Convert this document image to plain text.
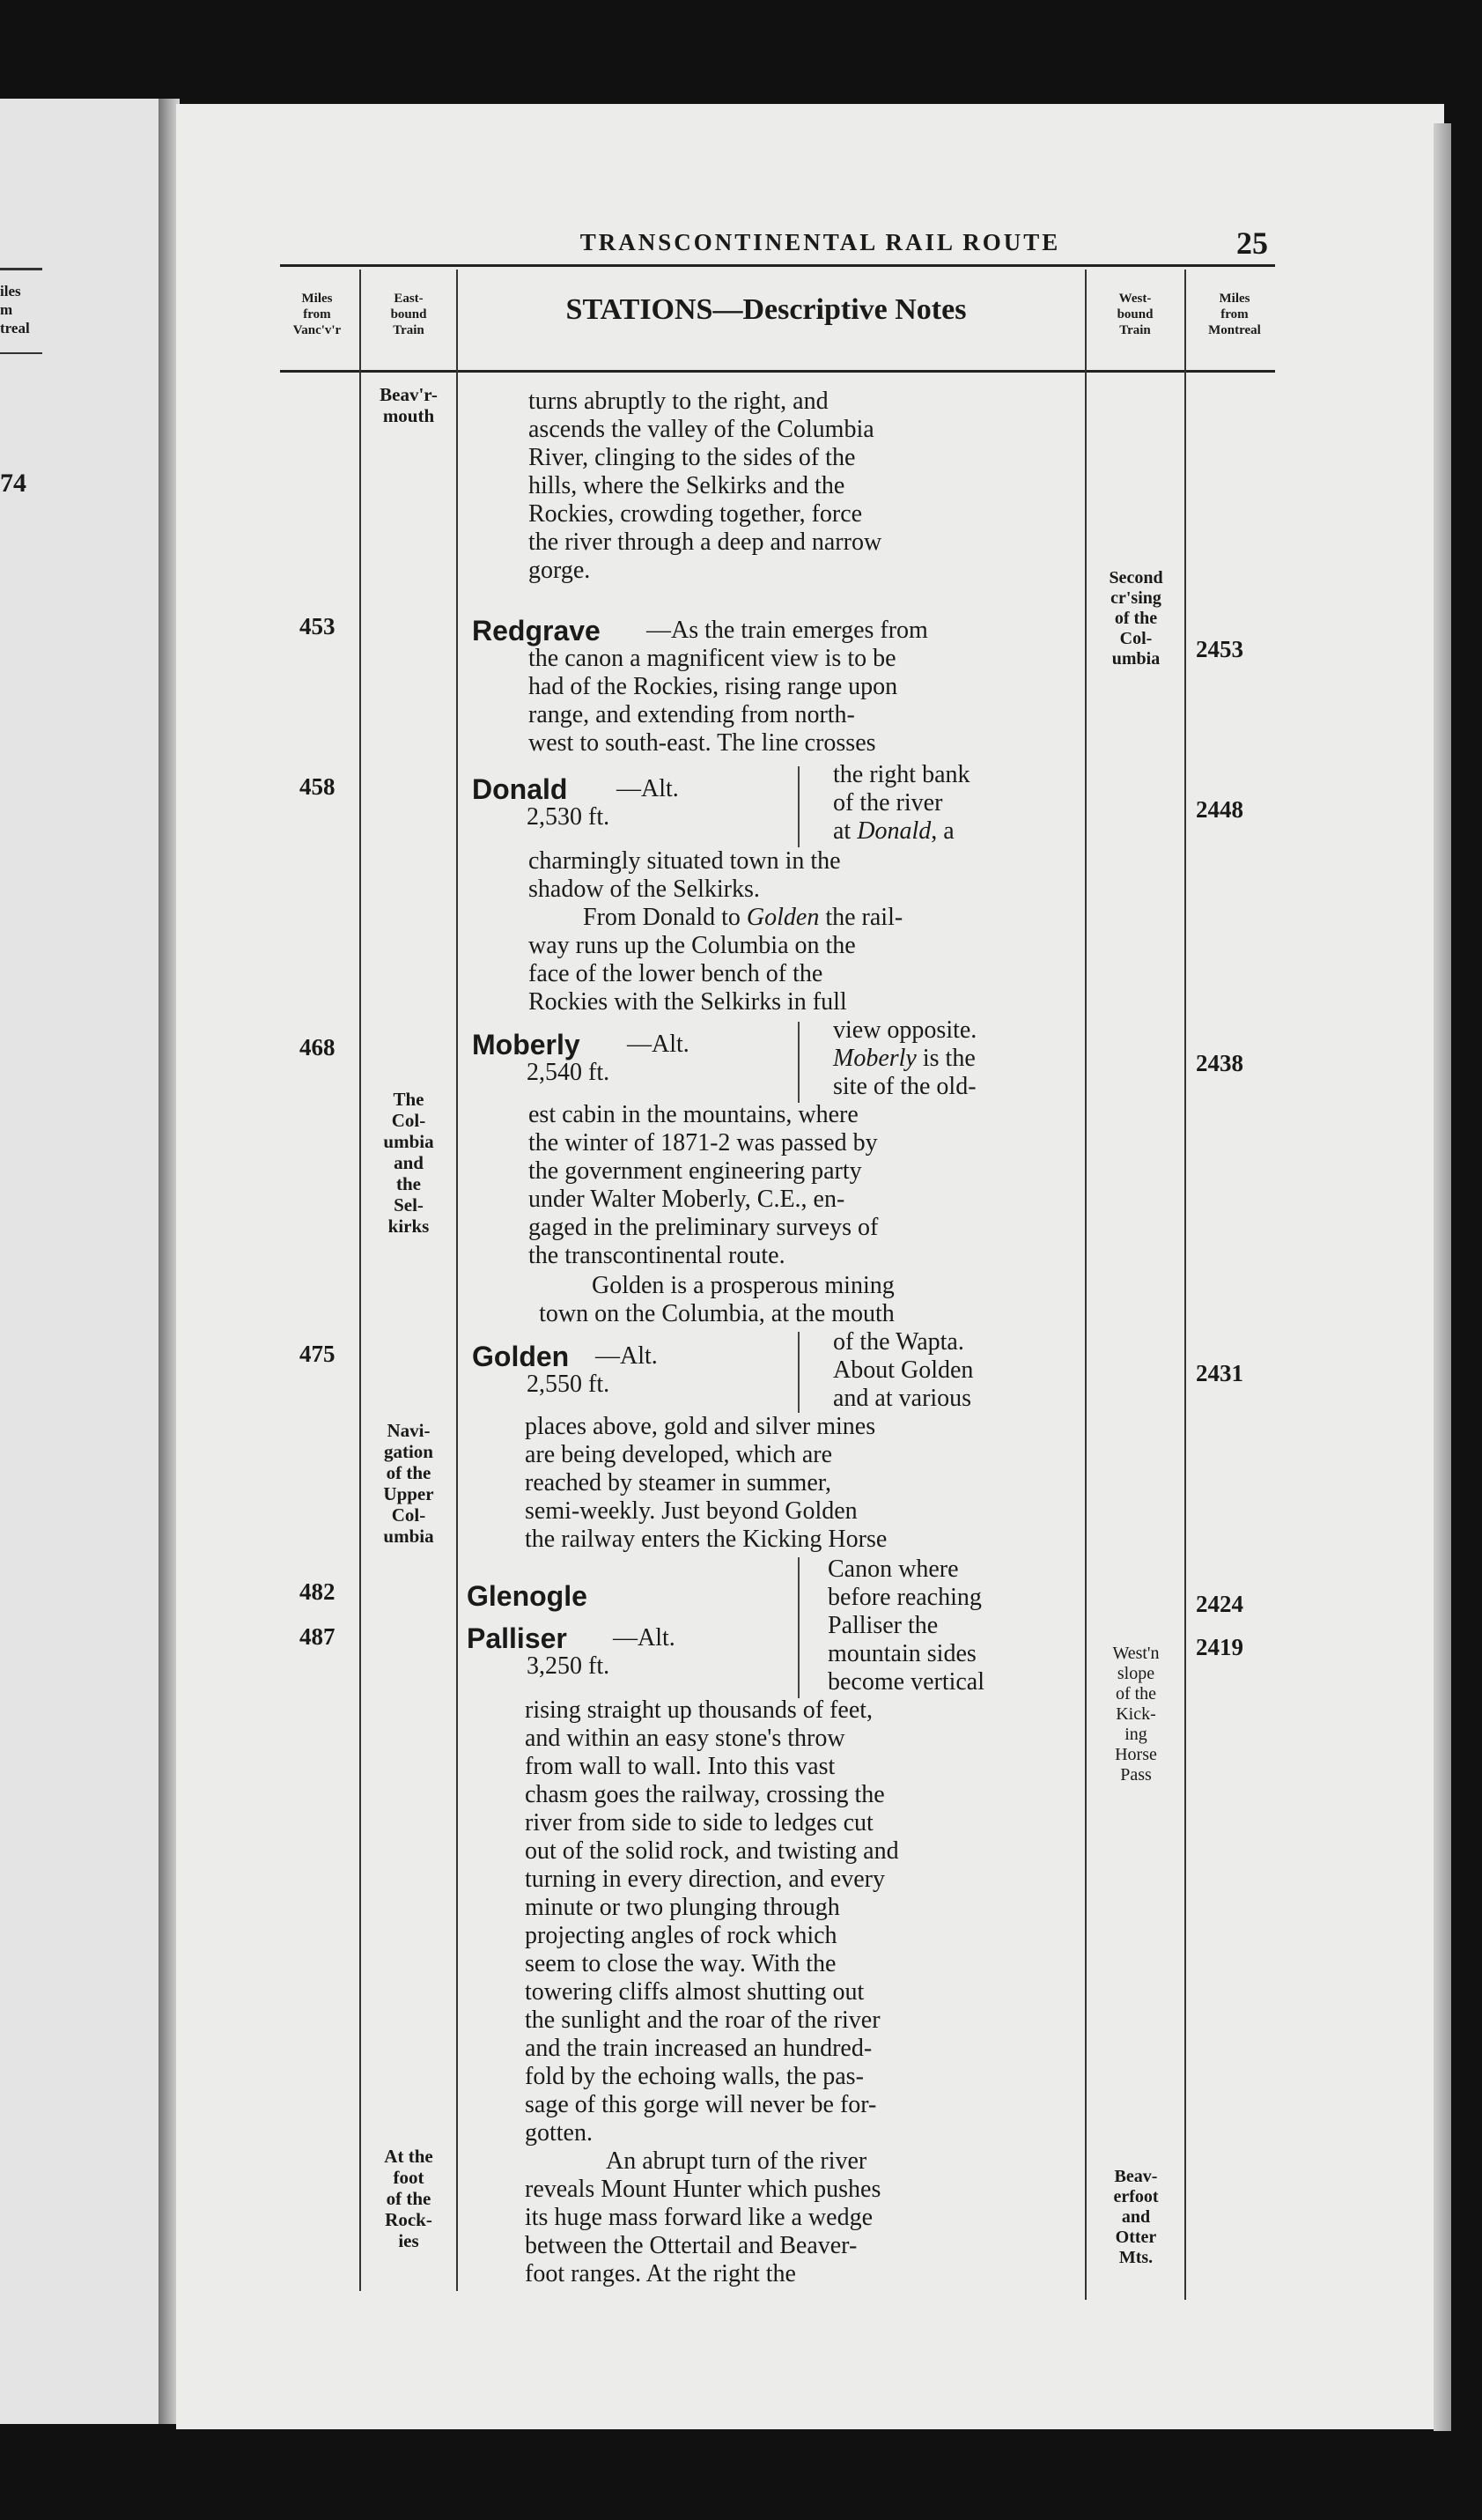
iles
m
treal
74
TRANSCONTINENTAL RAIL ROUTE	25
Miles
from
Vanc'v'r
East-
bound
Train
STATIONS—Descriptive Notes	West-
bound
Train
Miles
from
Montreal
453
458
468
475
482
487
2453
2448
2438
2431
2424
2419
Beav'r-
mouth
The
Col-
umbia
and
the
Sel-
kirks
Navi-
gation
of the
Upper
Col-
umbia
At the
foot
of the
Rock-
ies
Second
cr'sing
of the
Col-
umbia
West'n
slope
of the
Kick-
ing
Horse
Pass
Beav-
erfoot
and
Otter
Mts.
turns abruptly to the right, and
ascends the valley of the Columbia
River, clinging to the sides of the
hills, where the Selkirks and the
Rockies, crowding together, force
the river through a deep and narrow
gorge.
Redgrave —As the train emerges from
the canon a magnificent view is to be
had of the Rockies, rising range upon
range, and extending from north-
west to south-east. The line crosses
Donald —Alt.
2,530 ft.
the right bank
of the river
at Donald, a
charmingly situated town in the
shadow of the Selkirks.
From Donald to Golden the rail-
way runs up the Columbia on the
face of the lower bench of the
Rockies with the Selkirks in full
Moberly —Alt.
2,540 ft.
view opposite.
Moberly is the
site of the old-
est cabin in the mountains, where
the winter of 1871-2 was passed by
the government engineering party
under Walter Moberly, C.E., en-
gaged in the preliminary surveys of
the transcontinental route.
Golden is a prosperous mining
town on the Columbia, at the mouth
Golden —Alt.
2,550 ft.
of the Wapta.
About Golden
and at various
places above, gold and silver mines
are being developed, which are
reached by steamer in summer,
semi-weekly. Just beyond Golden
the railway enters the Kicking Horse
Glenogle
Palliser —Alt.
3,250 ft.
Canon where
before reaching
Palliser the
mountain sides
become vertical
rising straight up thousands of feet,
and within an easy stone's throw
from wall to wall. Into this vast
chasm goes the railway, crossing the
river from side to side to ledges cut
out of the solid rock, and twisting and
turning in every direction, and every
minute or two plunging through
projecting angles of rock which
seem to close the way. With the
towering cliffs almost shutting out
the sunlight and the roar of the river
and the train increased an hundred-
fold by the echoing walls, the pas-
sage of this gorge will never be for-
gotten.
An abrupt turn of the river
reveals Mount Hunter which pushes
its huge mass forward like a wedge
between the Ottertail and Beaver-
foot ranges. At the right the
